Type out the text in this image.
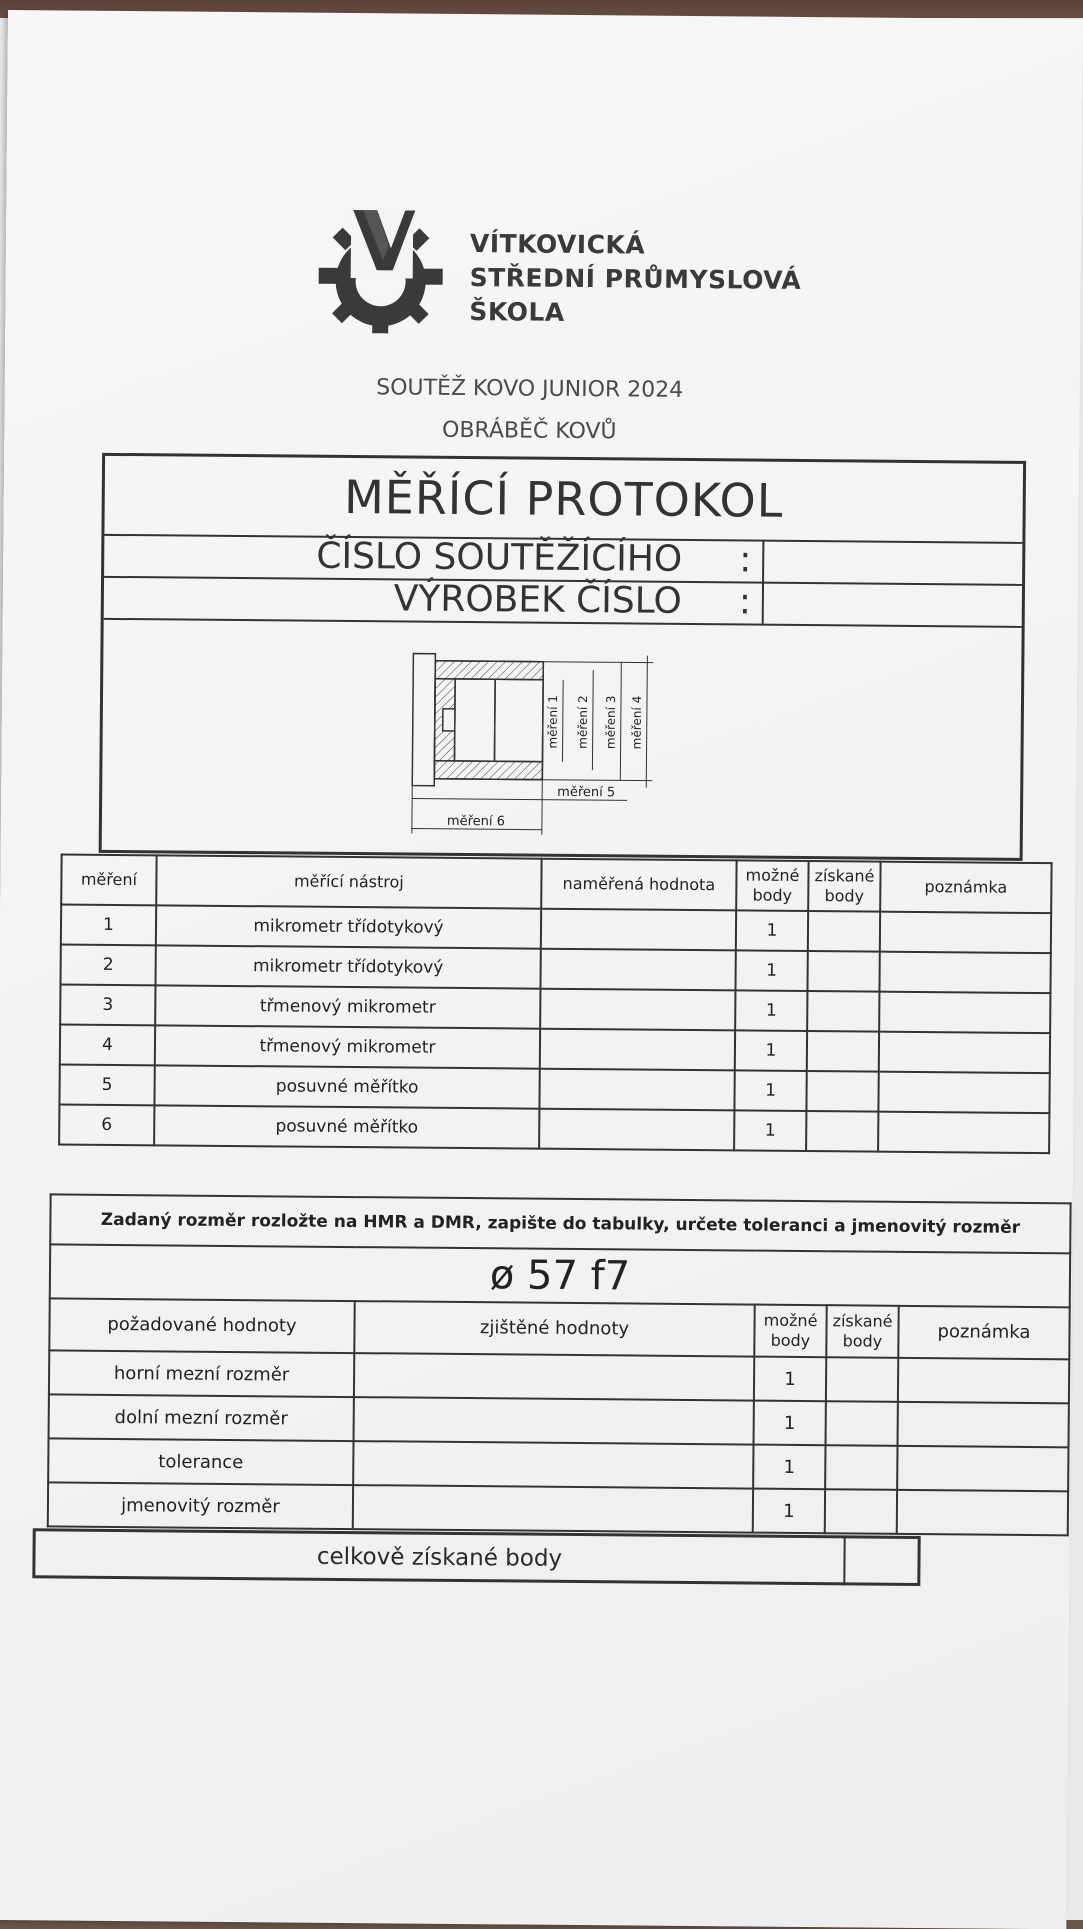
VÍTKOVICKÁ
STŘEDNÍ PRŮMYSLOVÁ
ŠKOLA
SOUTĚŽ KOVO JUNIOR 2024
OBRÁBĚČ KOVŮ
MĚŘÍCÍ PROTOKOL
ČÍSLO SOUTĚŽÍCÍHO :
VÝROBEK ČÍSLO :
měření 1 měření 2 měření 3 měření 4
měření 5
měření 6
měření	měřící nástroj	naměřená hodnota	možné body	získané body	poznámka
1	mikrometr třídotykový		1		
2	mikrometr třídotykový		1		
3	třmenový mikrometr		1		
4	třmenový mikrometr		1		
5	posuvné měřítko		1		
6	posuvné měřítko		1		
Zadaný rozměr rozložte na HMR a DMR, zapište do tabulky, určete toleranci a jmenovitý rozměr				
ø 57 f7				
požadované hodnoty	zjištěné hodnoty	možné body	získané body	poznámka
horní mezní rozměr		1		
dolní mezní rozměr		1		
tolerance		1		
jmenovitý rozměr		1		
celkově získané body
